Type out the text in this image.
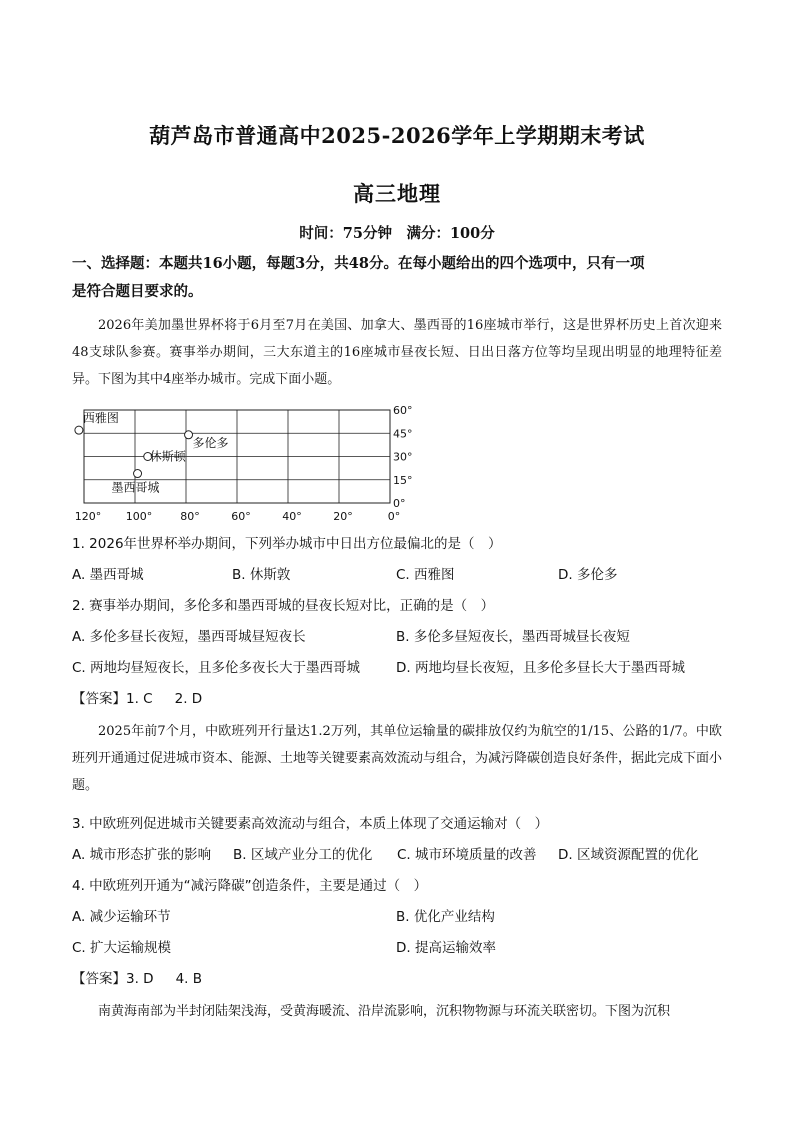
葫芦岛市普通高中2025-2026学年上学期期末考试
高三地理
时间：75分钟　满分：100分
一、选择题：本题共16小题，每题3分，共48分。在每小题给出的四个选项中，只有一项
是符合题目要求的。
2026年美加墨世界杯将于6月至7月在美国、加拿大、墨西哥的16座城市举行，这是世界杯历史上首次迎来48支球队参赛。赛事举办期间，三大东道主的16座城市昼夜长短、日出日落方位等均呈现出明显的地理特征差异。下图为其中4座举办城市。完成下面小题。
60°
45°
30°
15°
0°
120° 100°	80°	60°	40°	20°	0°
西雅图
多伦多
休斯顿
墨西哥城
1. 2026年世界杯举办期间，下列举办城市中日出方位最偏北的是（　）
A. 墨西哥城	B. 休斯敦	C. 西雅图	D. 多伦多
2. 赛事举办期间，多伦多和墨西哥城的昼夜长短对比，正确的是（　）
A. 多伦多昼长夜短，墨西哥城昼短夜长	B. 多伦多昼短夜长，墨西哥城昼长夜短
C. 两地均昼短夜长，且多伦多夜长大于墨西哥城	D. 两地均昼长夜短，且多伦多昼长大于墨西哥城
【答案】1. C 2. D
2025年前7个月，中欧班列开行量达1.2万列，其单位运输量的碳排放仅约为航空的1/15、公路的1/7。中欧班列开通通过促进城市资本、能源、土地等关键要素高效流动与组合，为减污降碳创造良好条件，据此完成下面小题。
3. 中欧班列促进城市关键要素高效流动与组合，本质上体现了交通运输对（　）
A. 城市形态扩张的影响 B. 区域产业分工的优化 C. 城市环境质量的改善 D. 区域资源配置的优化
4. 中欧班列开通为“减污降碳”创造条件，主要是通过（　）
A. 减少运输环节	B. 优化产业结构
C. 扩大运输规模	D. 提高运输效率
【答案】3. D 4. B
南黄海南部为半封闭陆架浅海，受黄海暖流、沿岸流影响，沉积物物源与环流关联密切。下图为沉积
